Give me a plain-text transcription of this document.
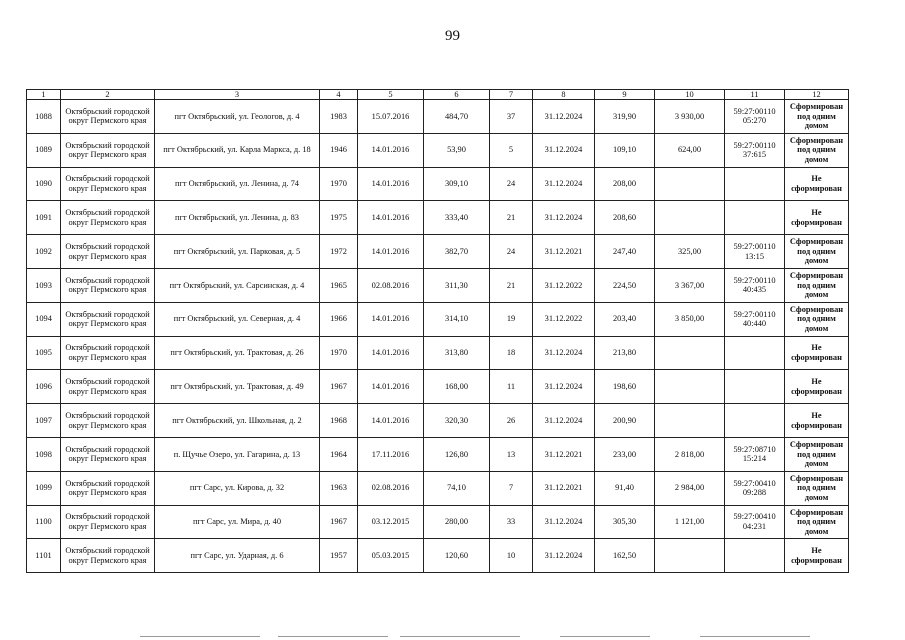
99
1	2	3	4	5	6	7	8	9	10	11	12
1088	Октябрьский городской округ Пермского края	пгт Октябрьский, ул. Геологов, д. 4	1983	15.07.2016	484,70	37	31.12.2024	319,90	3 930,00	59:27:00110 05:270	Сформирован под одним домом
1089	Октябрьский городской округ Пермского края	пгт Октябрьский, ул. Карла Маркса, д. 18	1946	14.01.2016	53,90	5	31.12.2024	109,10	624,00	59:27:00110 37:615	Сформирован под одним домом
1090	Октябрьский городской округ Пермского края	пгт Октябрьский, ул. Ленина, д. 74	1970	14.01.2016	309,10	24	31.12.2024	208,00			Не сформирован
1091	Октябрьский городской округ Пермского края	пгт Октябрьский, ул. Ленина, д. 83	1975	14.01.2016	333,40	21	31.12.2024	208,60			Не сформирован
1092	Октябрьский городской округ Пермского края	пгт Октябрьский, ул. Парковая, д. 5	1972	14.01.2016	382,70	24	31.12.2021	247,40	325,00	59:27:00110 13:15	Сформирован под одним домом
1093	Октябрьский городской округ Пермского края	пгт Октябрьский, ул. Сарсинская, д. 4	1965	02.08.2016	311,30	21	31.12.2022	224,50	3 367,00	59:27:00110 40:435	Сформирован под одним домом
1094	Октябрьский городской округ Пермского края	пгт Октябрьский, ул. Северная, д. 4	1966	14.01.2016	314,10	19	31.12.2022	203,40	3 850,00	59:27:00110 40:440	Сформирован под одним домом
1095	Октябрьский городской округ Пермского края	пгт Октябрьский, ул. Трактовая, д. 26	1970	14.01.2016	313,80	18	31.12.2024	213,80			Не сформирован
1096	Октябрьский городской округ Пермского края	пгт Октябрьский, ул. Трактовая, д. 49	1967	14.01.2016	168,00	11	31.12.2024	198,60			Не сформирован
1097	Октябрьский городской округ Пермского края	пгт Октябрьский, ул. Школьная, д. 2	1968	14.01.2016	320,30	26	31.12.2024	200,90			Не сформирован
1098	Октябрьский городской округ Пермского края	п. Щучье Озеро, ул. Гагарина, д. 13	1964	17.11.2016	126,80	13	31.12.2021	233,00	2 818,00	59:27:08710 15:214	Сформирован под одним домом
1099	Октябрьский городской округ Пермского края	пгт Сарс, ул. Кирова, д. 32	1963	02.08.2016	74,10	7	31.12.2021	91,40	2 984,00	59:27:00410 09:288	Сформирован под одним домом
1100	Октябрьский городской округ Пермского края	пгт Сарс, ул. Мира, д. 40	1967	03.12.2015	280,00	33	31.12.2024	305,30	1 121,00	59:27:00410 04:231	Сформирован под одним домом
1101	Октябрьский городской округ Пермского края	пгт Сарс, ул. Ударная, д. 6	1957	05.03.2015	120,60	10	31.12.2024	162,50			Не сформирован
